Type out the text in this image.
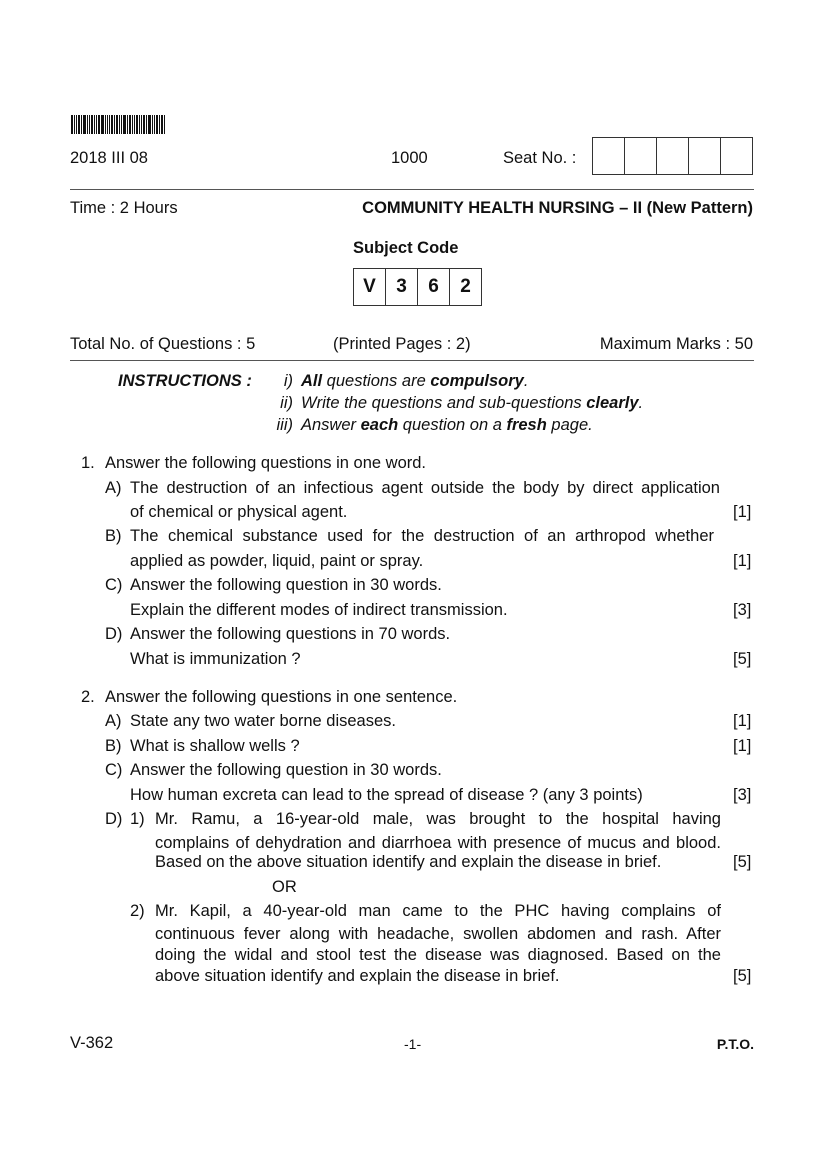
2018 III 08	1000	Seat No. :
Time : 2 Hours	COMMUNITY HEALTH NURSING – II (New Pattern)
Subject Code
V	3	6	2
Total No. of Questions : 5	(Printed Pages : 2)	Maximum Marks : 50
INSTRUCTIONS : i) All questions are compulsory.
ii) Write the questions and sub-questions clearly.
iii) Answer each question on a fresh page.
1. Answer the following questions in one word.
A) The destruction of an infectious agent outside the body by direct application
of chemical or physical agent.	[1]
B) The chemical substance used for the destruction of an arthropod whether
applied as powder, liquid, paint or spray.	[1]
C) Answer the following question in 30 words.
Explain the different modes of indirect transmission.	[3]
D) Answer the following questions in 70 words.
What is immunization ?	[5]
2. Answer the following questions in one sentence.
A) State any two water borne diseases.	[1]
B) What is shallow wells ?	[1]
C) Answer the following question in 30 words.
How human excreta can lead to the spread of disease ? (any 3 points)	[3]
D) 1) Mr. Ramu, a 16-year-old male, was brought to the hospital having
complains of dehydration and diarrhoea with presence of mucus and blood.
Based on the above situation identify and explain the disease in brief.	[5]
OR
2) Mr. Kapil, a 40-year-old man came to the PHC having complains of
continuous fever along with headache, swollen abdomen and rash. After
doing the widal and stool test the disease was diagnosed. Based on the
above situation identify and explain the disease in brief.	[5]
V-362	-1-	P.T.O.
